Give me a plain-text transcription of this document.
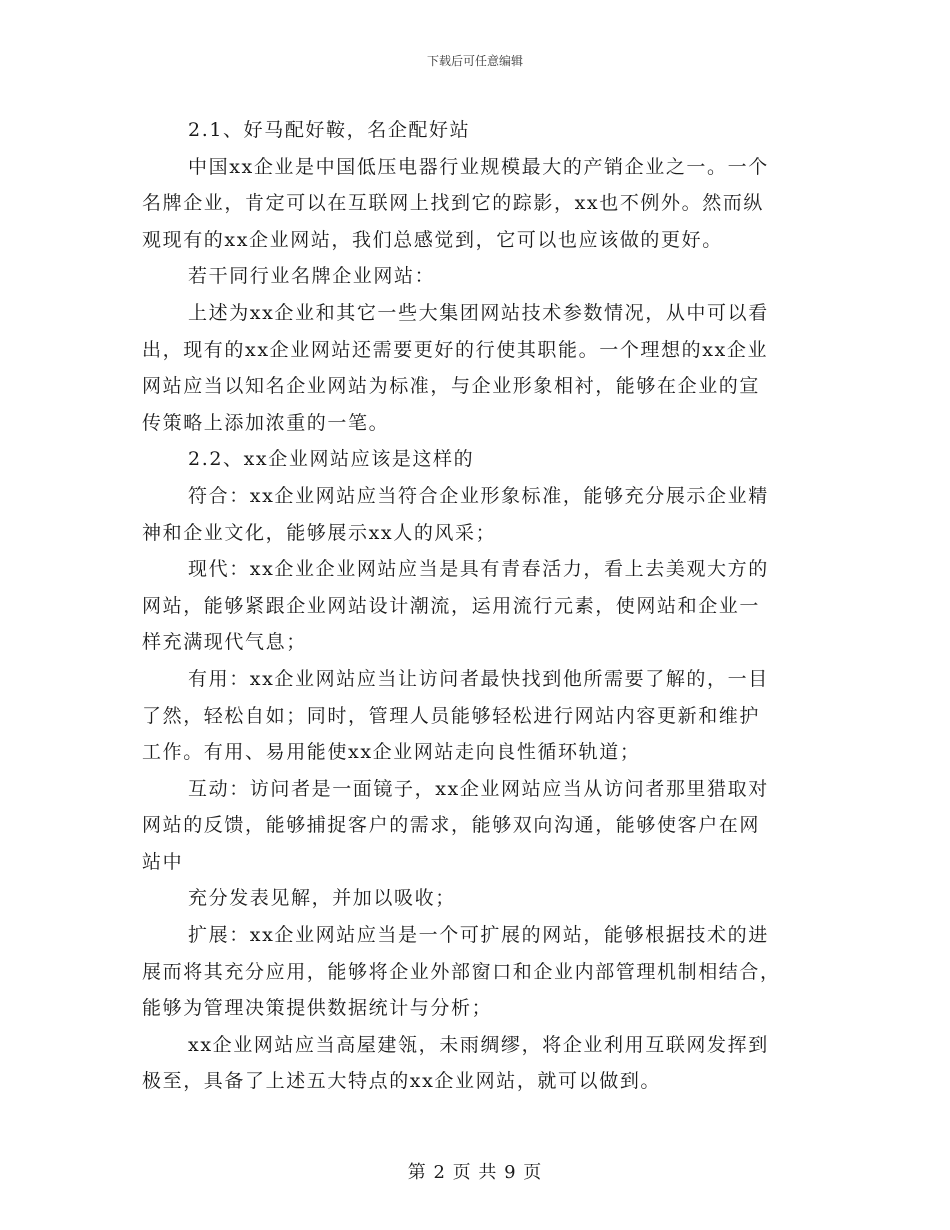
下载后可任意编辑
2.1、好马配好鞍，名企配好站
中国xx企业是中国低压电器行业规模最大的产销企业之一。一个
名牌企业，肯定可以在互联网上找到它的踪影，xx也不例外。然而纵
观现有的xx企业网站，我们总感觉到，它可以也应该做的更好。
若干同行业名牌企业网站：
上述为xx企业和其它一些大集团网站技术参数情况，从中可以看
出，现有的xx企业网站还需要更好的行使其职能。一个理想的xx企业
网站应当以知名企业网站为标准，与企业形象相衬，能够在企业的宣
传策略上添加浓重的一笔。
2.2、xx企业网站应该是这样的
符合：xx企业网站应当符合企业形象标准，能够充分展示企业精
神和企业文化，能够展示xx人的风采；
现代：xx企业企业网站应当是具有青春活力，看上去美观大方的
网站，能够紧跟企业网站设计潮流，运用流行元素，使网站和企业一
样充满现代气息；
有用：xx企业网站应当让访问者最快找到他所需要了解的，一目
了然，轻松自如；同时，管理人员能够轻松进行网站内容更新和维护
工作。有用、易用能使xx企业网站走向良性循环轨道；
互动：访问者是一面镜子，xx企业网站应当从访问者那里猎取对
网站的反馈，能够捕捉客户的需求，能够双向沟通，能够使客户在网
站中
充分发表见解，并加以吸收；
扩展：xx企业网站应当是一个可扩展的网站，能够根据技术的进
展而将其充分应用，能够将企业外部窗口和企业内部管理机制相结合，
能够为管理决策提供数据统计与分析；
xx企业网站应当高屋建瓴，未雨绸缪，将企业利用互联网发挥到
极至，具备了上述五大特点的xx企业网站，就可以做到。
第 2 页 共 9 页
